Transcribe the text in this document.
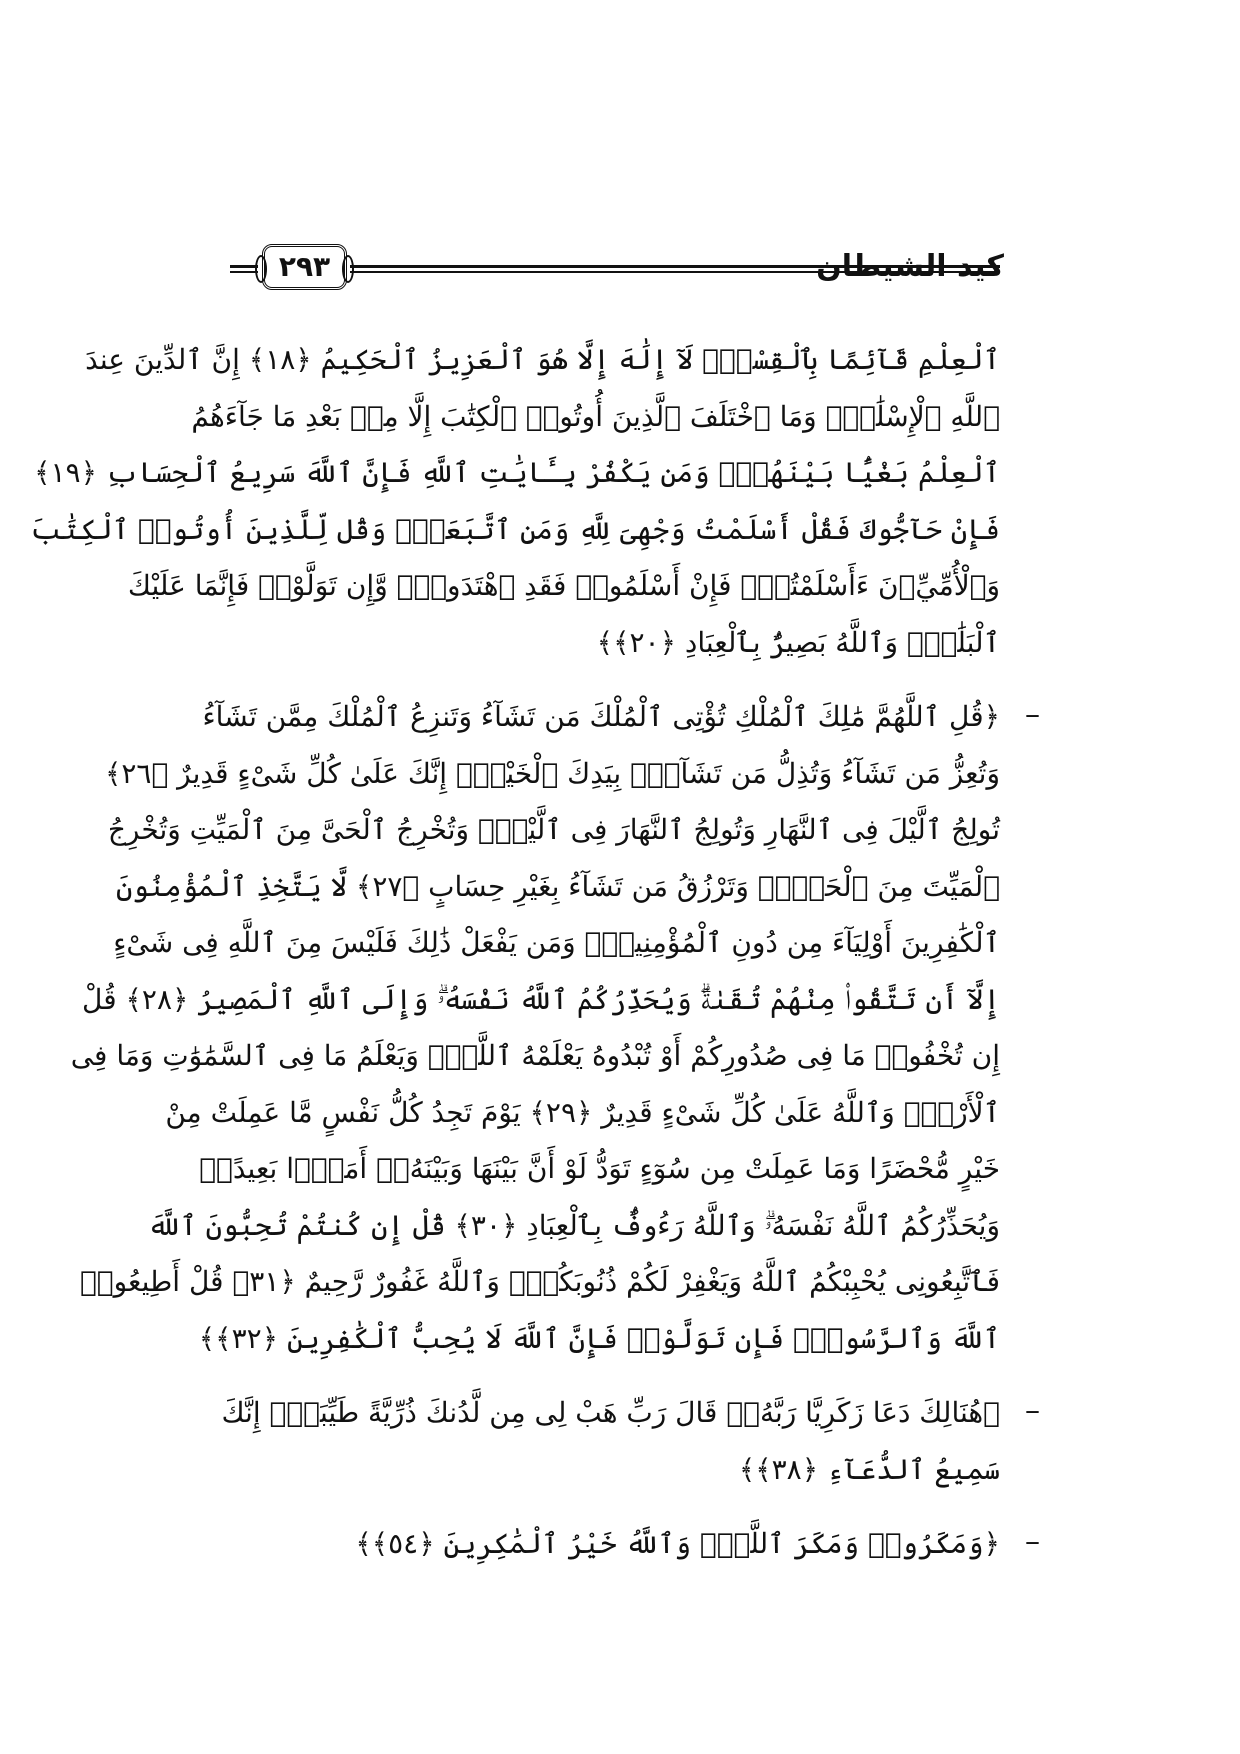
كيد الشيطان
٢٩٣
ٱلْعِلْمِ قَآئِمًا بِٱلْقِسْطِۚ لَآ إِلَٰهَ إِلَّا هُوَ ٱلْعَزِيزُ ٱلْحَكِيمُ ﴿١٨﴾ إِنَّ ٱلدِّينَ عِندَ
ٱللَّهِ ٱلْإِسْلَٰمُۗ وَمَا ٱخْتَلَفَ ٱلَّذِينَ أُوتُوا۟ ٱلْكِتَٰبَ إِلَّا مِنۢ بَعْدِ مَا جَآءَهُمُ
ٱلْعِلْمُ بَغْيًۢا بَيْنَهُمْۗ وَمَن يَكْفُرْ بِـَٔايَٰتِ ٱللَّهِ فَإِنَّ ٱللَّهَ سَرِيعُ ٱلْحِسَابِ ﴿١٩﴾
فَإِنْ حَآجُّوكَ فَقُلْ أَسْلَمْتُ وَجْهِىَ لِلَّهِ وَمَنِ ٱتَّبَعَنِۗ وَقُل لِّلَّذِينَ أُوتُوا۟ ٱلْكِتَٰبَ
وَٱلْأُمِّيِّۦنَ ءَأَسْلَمْتُمْۚ فَإِنْ أَسْلَمُوا۟ فَقَدِ ٱهْتَدَوا۟ۖ وَّإِن تَوَلَّوْا۟ فَإِنَّمَا عَلَيْكَ
ٱلْبَلَٰغُۗ وَٱللَّهُ بَصِيرٌۢ بِٱلْعِبَادِ ﴿٢٠﴾﴾
–
﴿قُلِ ٱللَّهُمَّ مَٰلِكَ ٱلْمُلْكِ تُؤْتِى ٱلْمُلْكَ مَن تَشَآءُ وَتَنزِعُ ٱلْمُلْكَ مِمَّن تَشَآءُ
وَتُعِزُّ مَن تَشَآءُ وَتُذِلُّ مَن تَشَآءُۖ بِيَدِكَ ٱلْخَيْرُۖ إِنَّكَ عَلَىٰ كُلِّ شَىْءٍ قَدِيرٌ ﴿٢٦﴾
تُولِجُ ٱلَّيْلَ فِى ٱلنَّهَارِ وَتُولِجُ ٱلنَّهَارَ فِى ٱلَّيْلِۖ وَتُخْرِجُ ٱلْحَىَّ مِنَ ٱلْمَيِّتِ وَتُخْرِجُ
ٱلْمَيِّتَ مِنَ ٱلْحَىِّۖ وَتَرْزُقُ مَن تَشَآءُ بِغَيْرِ حِسَابٍ ﴿٢٧﴾ لَّا يَتَّخِذِ ٱلْمُؤْمِنُونَ
ٱلْكَٰفِرِينَ أَوْلِيَآءَ مِن دُونِ ٱلْمُؤْمِنِينَۖ وَمَن يَفْعَلْ ذَٰلِكَ فَلَيْسَ مِنَ ٱللَّهِ فِى شَىْءٍ
إِلَّآ أَن تَتَّقُوا۟ مِنْهُمْ تُقَىٰةًۗ وَيُحَذِّرُكُمُ ٱللَّهُ نَفْسَهُۥۗ وَإِلَى ٱللَّهِ ٱلْمَصِيرُ ﴿٢٨﴾ قُلْ
إِن تُخْفُوا۟ مَا فِى صُدُورِكُمْ أَوْ تُبْدُوهُ يَعْلَمْهُ ٱللَّهُۗ وَيَعْلَمُ مَا فِى ٱلسَّمَٰوَٰتِ وَمَا فِى
ٱلْأَرْضِۗ وَٱللَّهُ عَلَىٰ كُلِّ شَىْءٍ قَدِيرٌ ﴿٢٩﴾ يَوْمَ تَجِدُ كُلُّ نَفْسٍ مَّا عَمِلَتْ مِنْ
خَيْرٍ مُّحْضَرًا وَمَا عَمِلَتْ مِن سُوٓءٍ تَوَدُّ لَوْ أَنَّ بَيْنَهَا وَبَيْنَهُۥٓ أَمَدًۢا بَعِيدًاۗ
وَيُحَذِّرُكُمُ ٱللَّهُ نَفْسَهُۥۗ وَٱللَّهُ رَءُوفٌۢ بِٱلْعِبَادِ ﴿٣٠﴾ قُلْ إِن كُنتُمْ تُحِبُّونَ ٱللَّهَ
فَٱتَّبِعُونِى يُحْبِبْكُمُ ٱللَّهُ وَيَغْفِرْ لَكُمْ ذُنُوبَكُمْۗ وَٱللَّهُ غَفُورٌ رَّحِيمٌ ﴿٣١﴾ قُلْ أَطِيعُوا۟
ٱللَّهَ وَٱلرَّسُولَۖ فَإِن تَوَلَّوْا۟ فَإِنَّ ٱللَّهَ لَا يُحِبُّ ٱلْكَٰفِرِينَ ﴿٣٢﴾﴾
–
﴿هُنَالِكَ دَعَا زَكَرِيَّا رَبَّهُۥۖ قَالَ رَبِّ هَبْ لِى مِن لَّدُنكَ ذُرِّيَّةً طَيِّبَةًۖ إِنَّكَ
سَمِيعُ ٱلدُّعَآءِ ﴿٣٨﴾﴾
–
﴿وَمَكَرُوا۟ وَمَكَرَ ٱللَّهُۖ وَٱللَّهُ خَيْرُ ٱلْمَٰكِرِينَ ﴿٥٤﴾﴾
